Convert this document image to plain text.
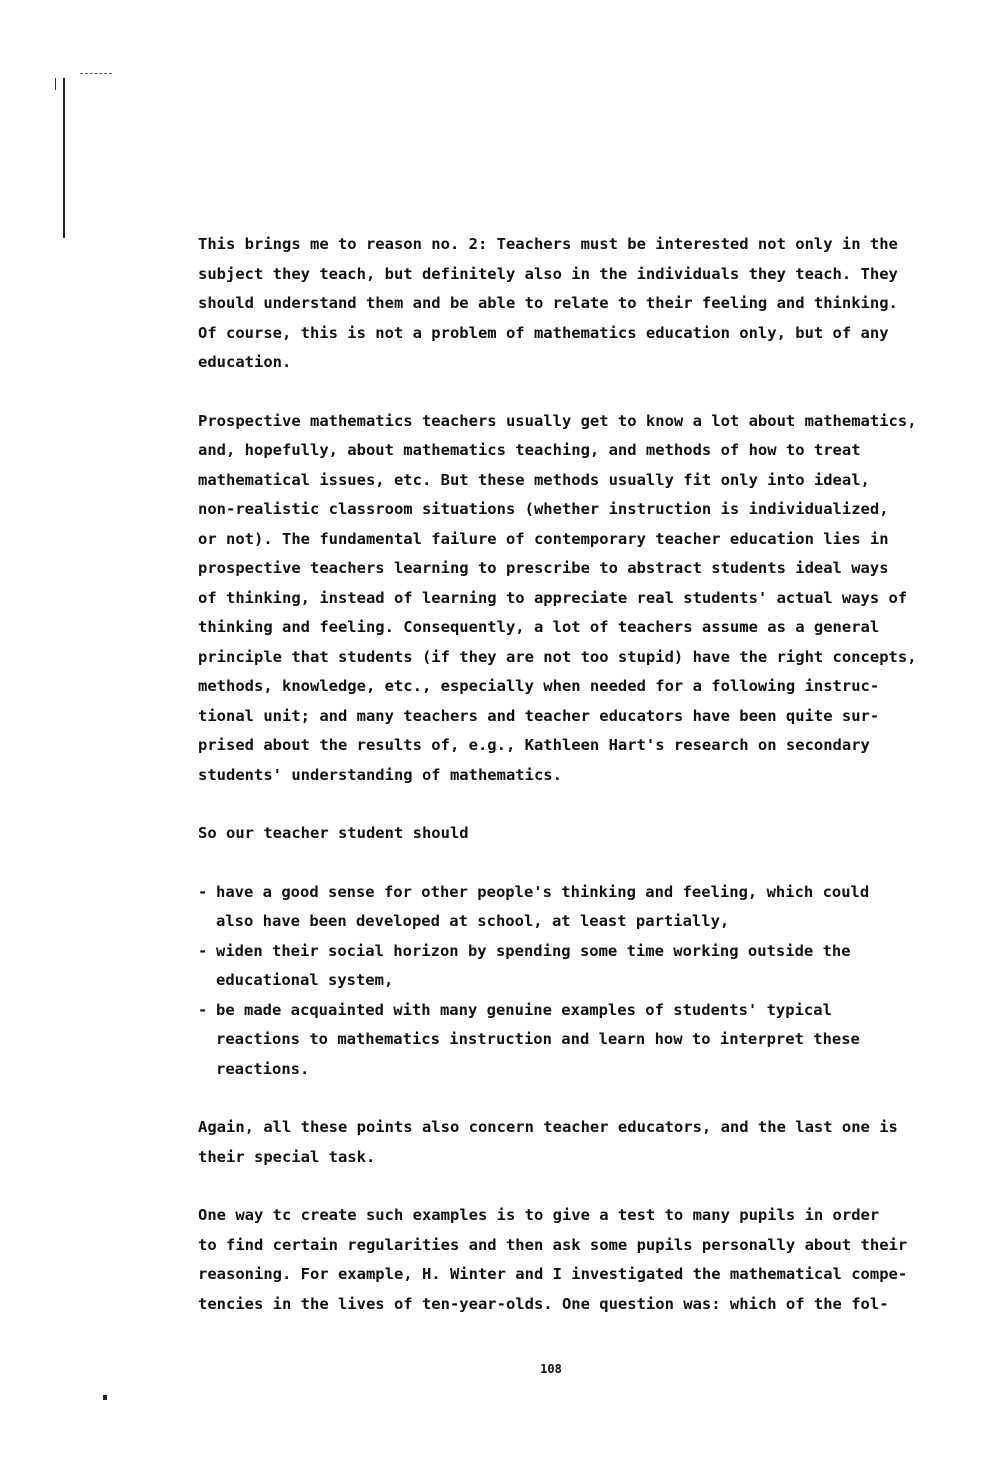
This brings me to reason no. 2: Teachers must be interested not only in the
subject they teach, but definitely also in the individuals they teach. They
should understand them and be able to relate to their feeling and thinking.
Of course, this is not a problem of mathematics education only, but of any
education.
Prospective mathematics teachers usually get to know a lot about mathematics,
and, hopefully, about mathematics teaching, and methods of how to treat
mathematical issues, etc. But these methods usually fit only into ideal,
non-realistic classroom situations (whether instruction is individualized,
or not). The fundamental failure of contemporary teacher education lies in
prospective teachers learning to prescribe to abstract students ideal ways
of thinking, instead of learning to appreciate real students' actual ways of
thinking and feeling. Consequently, a lot of teachers assume as a general
principle that students (if they are not too stupid) have the right concepts,
methods, knowledge, etc., especially when needed for a following instruc-
tional unit; and many teachers and teacher educators have been quite sur-
prised about the results of, e.g., Kathleen Hart's research on secondary
students' understanding of mathematics.
So our teacher student should
- have a good sense for other people's thinking and feeling, which could
also have been developed at school, at least partially,
- widen their social horizon by spending some time working outside the
educational system,
- be made acquainted with many genuine examples of students' typical
reactions to mathematics instruction and learn how to interpret these
reactions.
Again, all these points also concern teacher educators, and the last one is
their special task.
One way tc create such examples is to give a test to many pupils in order
to find certain regularities and then ask some pupils personally about their
reasoning. For example, H. Winter and I investigated the mathematical compe-
tencies in the lives of ten-year-olds. One question was: which of the fol-
108
